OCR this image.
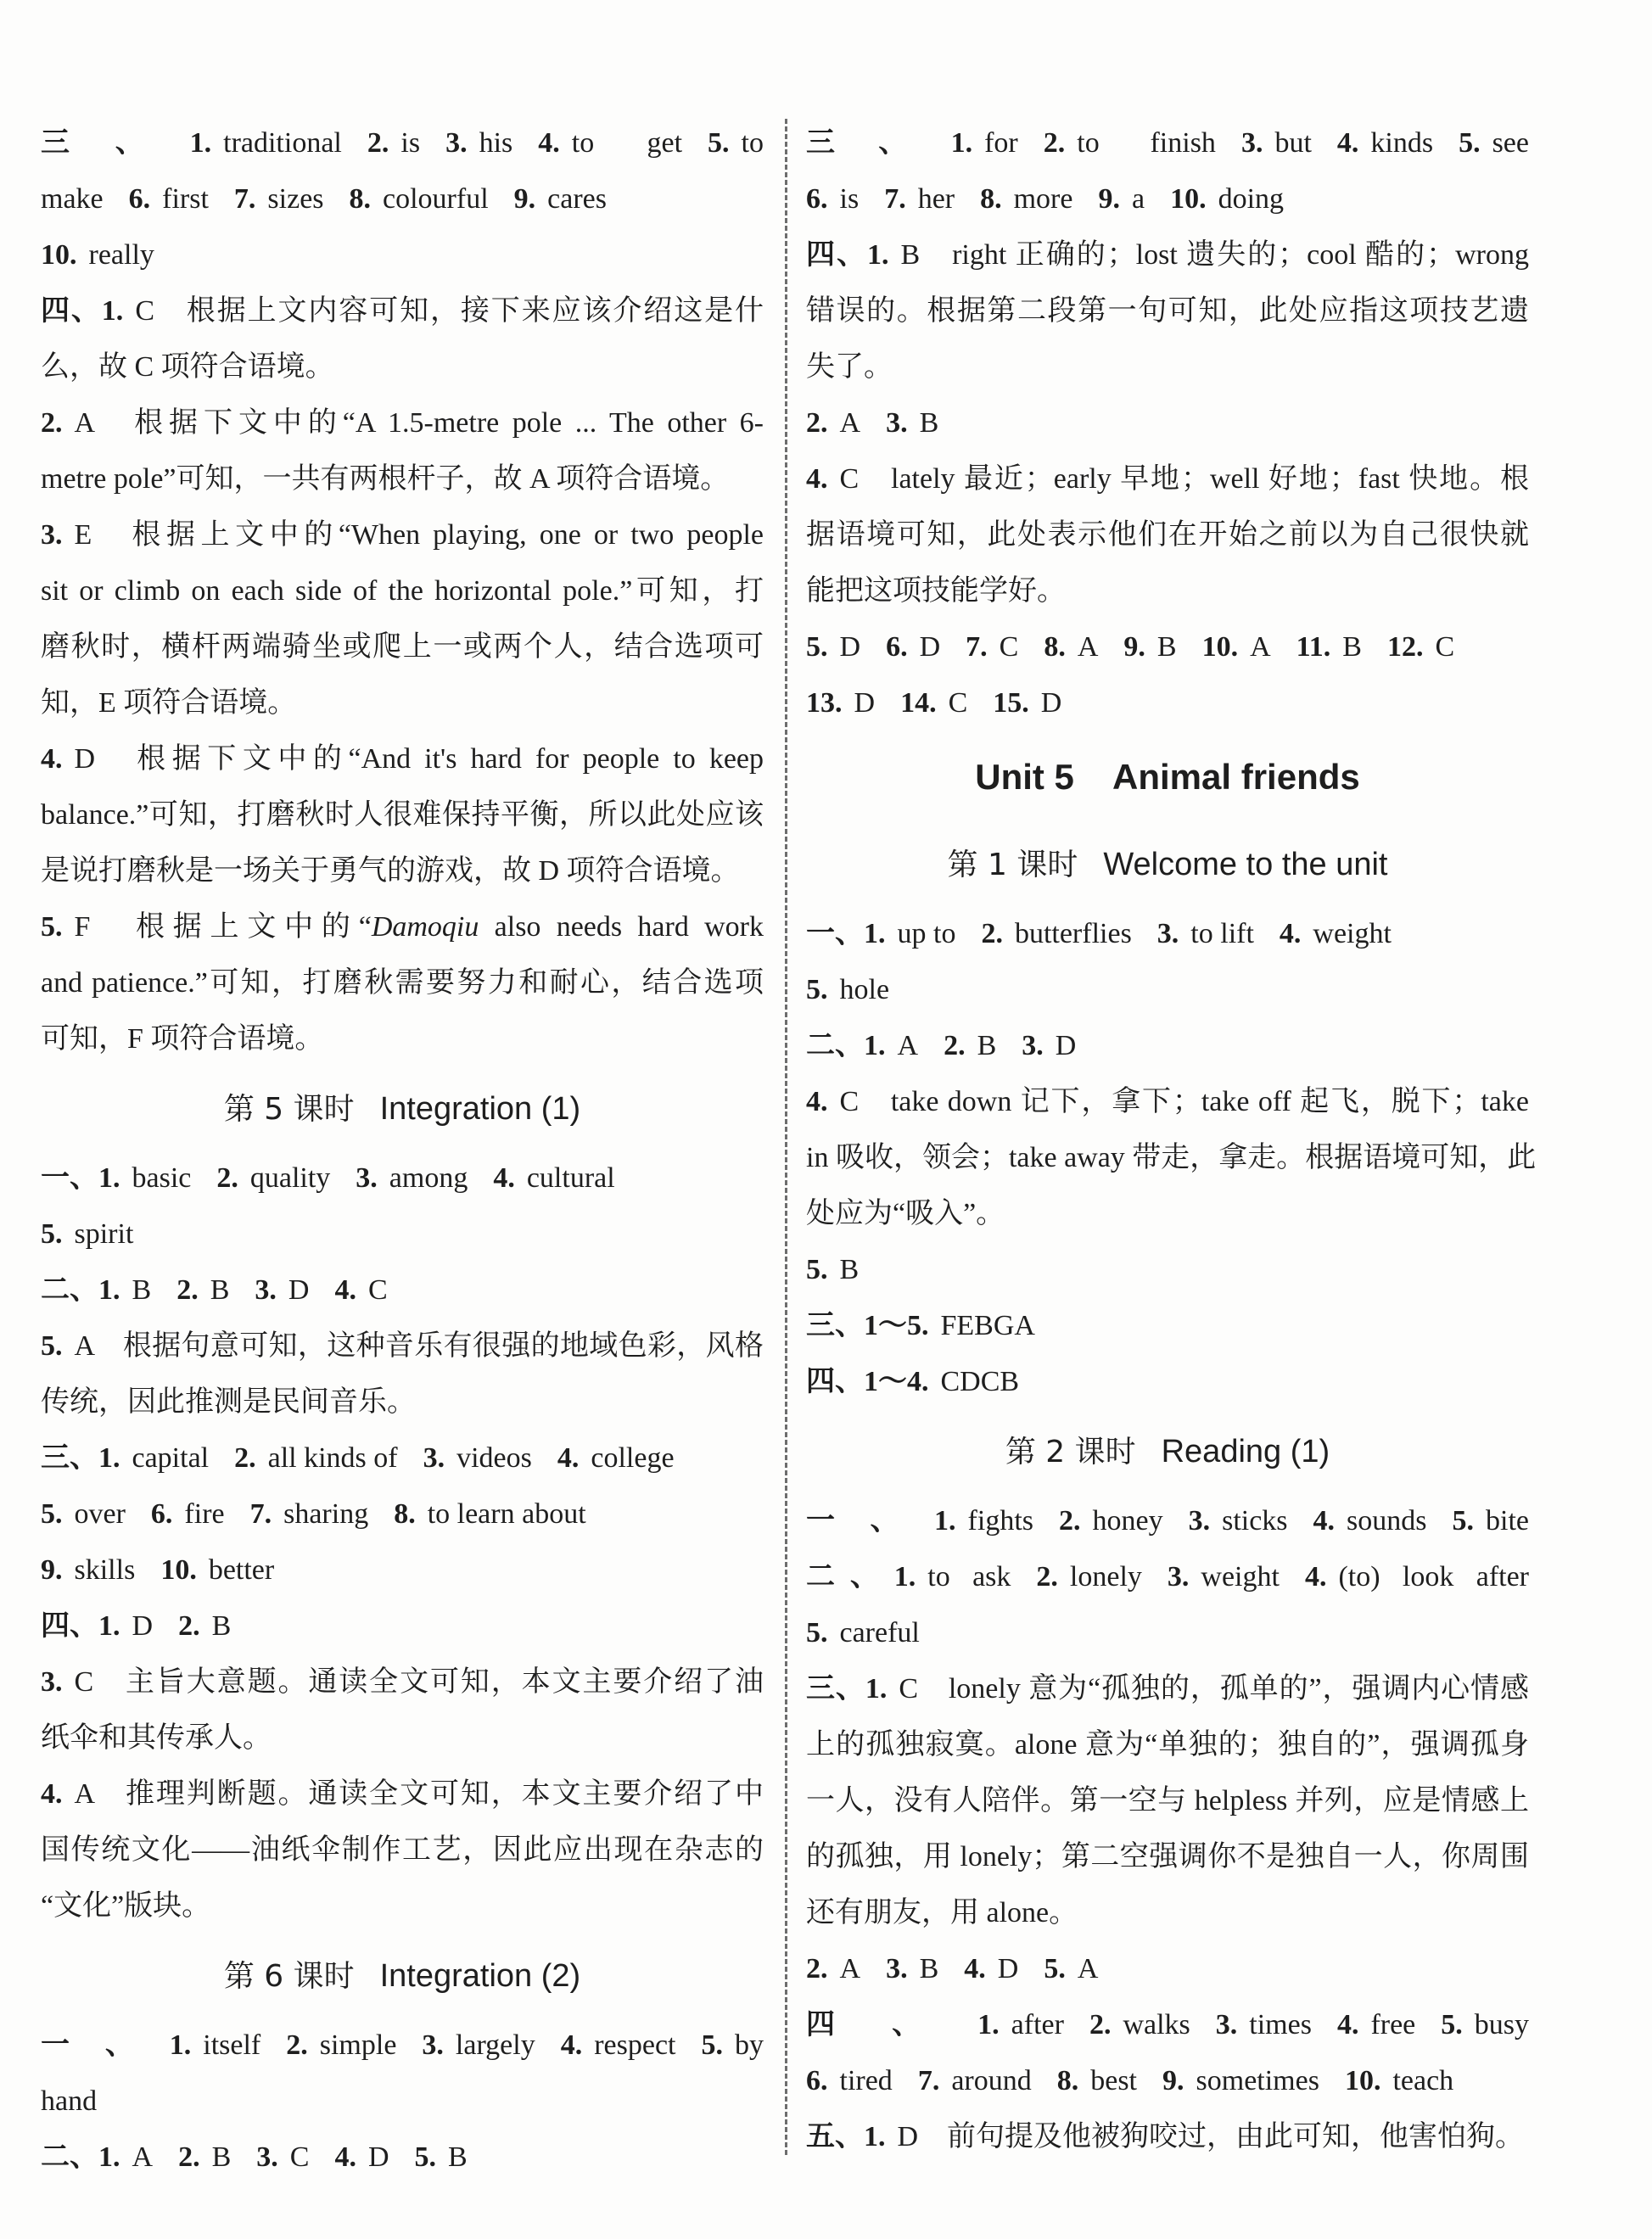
三、1. traditional 2. is 3. his 4. to get 5. to
make 6. first 7. sizes 8. colourful 9. cares
10. really
四、1. C　根据上文内容可知，接下来应该介绍这是什
么，故 C 项符合语境。
2. A　根据下文中的“A 1.5-metre pole ... The other 6-
metre pole”可知，一共有两根杆子，故 A 项符合语境。
3. E　根据上文中的“When playing, one or two people
sit or climb on each side of the horizontal pole.”可知，打
磨秋时，横杆两端骑坐或爬上一或两个人，结合选项可
知，E 项符合语境。
4. D　根据下文中的“And it's hard for people to keep
balance.”可知，打磨秋时人很难保持平衡，所以此处应该
是说打磨秋是一场关于勇气的游戏，故 D 项符合语境。
5. F　根据上文中的“Damoqiu also needs hard work
and patience.”可知，打磨秋需要努力和耐心，结合选项
可知，F 项符合语境。
第 5 课时 Integration (1)
一、1. basic 2. quality 3. among 4. cultural
5. spirit
二、1. B 2. B 3. D 4. C
5. A　根据句意可知，这种音乐有很强的地域色彩，风格
传统，因此推测是民间音乐。
三、1. capital 2. all kinds of 3. videos 4. college
5. over 6. fire 7. sharing 8. to learn about
9. skills 10. better
四、1. D 2. B
3. C　主旨大意题。通读全文可知，本文主要介绍了油
纸伞和其传承人。
4. A　推理判断题。通读全文可知，本文主要介绍了中
国传统文化——油纸伞制作工艺，因此应出现在杂志的
“文化”版块。
第 6 课时 Integration (2)
一、1. itself 2. simple 3. largely 4. respect 5. by
hand
二、1. A 2. B 3. C 4. D 5. B
三、1. for 2. to finish 3. but 4. kinds 5. see
6. is 7. her 8. more 9. a 10. doing
四、1. B　right 正确的；lost 遗失的；cool 酷的；wrong
错误的。根据第二段第一句可知，此处应指这项技艺遗
失了。
2. A 3. B
4. C　lately 最近；early 早地；well 好地；fast 快地。根
据语境可知，此处表示他们在开始之前以为自己很快就
能把这项技能学好。
5. D 6. D 7. C 8. A 9. B 10. A 11. B 12. C
13. D 14. C 15. D
Unit 5    Animal friends
第 1 课时 Welcome to the unit
一、1. up to 2. butterflies 3. to lift 4. weight
5. hole
二、1. A 2. B 3. D
4. C　take down 记下，拿下；take off 起飞，脱下；take
in 吸收，领会；take away 带走，拿走。根据语境可知，此
处应为“吸入”。
5. B
三、1～5. FEBGA
四、1～4. CDCB
第 2 课时 Reading (1)
一、1. fights 2. honey 3. sticks 4. sounds 5. bite
二、1. to ask 2. lonely 3. weight 4. (to) look after
5. careful
三、1. C　lonely 意为“孤独的，孤单的”，强调内心情感
上的孤独寂寞。alone 意为“单独的；独自的”，强调孤身
一人，没有人陪伴。第一空与 helpless 并列，应是情感上
的孤独，用 lonely；第二空强调你不是独自一人，你周围
还有朋友，用 alone。
2. A 3. B 4. D 5. A
四、1. after 2. walks 3. times 4. free 5. busy
6. tired 7. around 8. best 9. sometimes 10. teach
五、1. D　前句提及他被狗咬过，由此可知，他害怕狗。
